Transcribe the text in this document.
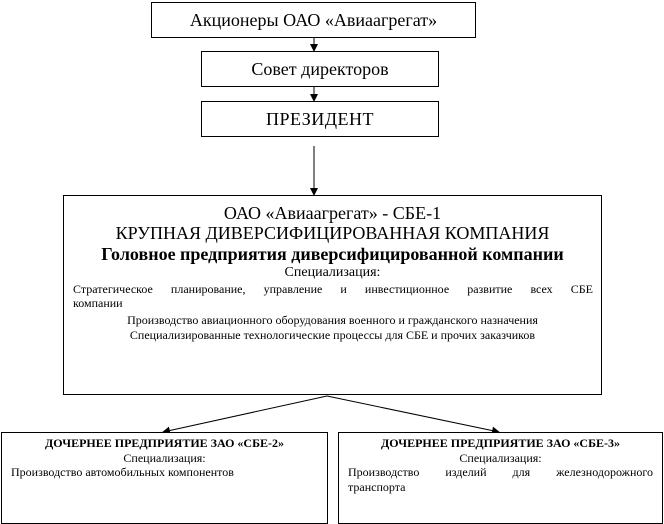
Акционеры ОАО «Авиаагрегат»
Совет директоров
ПРЕЗИДЕНТ
ОАО «Авиаагрегат» - СБЕ-1
КРУПНАЯ ДИВЕРСИФИЦИРОВАННАЯ КОМПАНИЯ
Головное предприятия диверсифицированной компании
Специализация:
Стратегическое планирование, управление и инвестиционное развитие всех СБЕ
компании
Производство авиационного оборудования военного и гражданского назначения
Специализированные технологические процессы для СБЕ и прочих заказчиков
ДОЧЕРНЕЕ ПРЕДПРИЯТИЕ ЗАО «СБЕ-2»
Специализация:
Производство автомобильных компонентов
ДОЧЕРНЕЕ ПРЕДПРИЯТИЕ ЗАО «СБЕ-3»
Специализация:
Производство изделий для железнодорожного
транспорта
